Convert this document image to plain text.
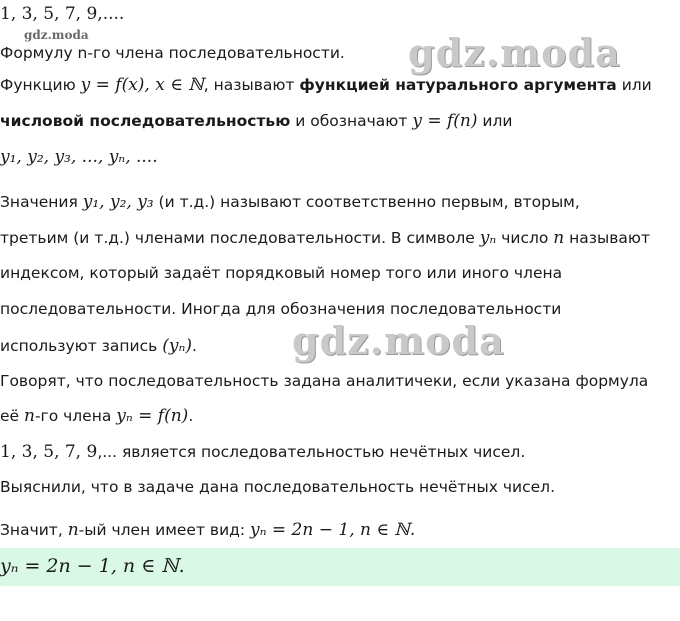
1, 3, 5, 7, 9,....
gdz.moda
Формулу n-го члена последовательности. gdz.moda
Функцию y = f(x), x ∈ ℕ, называют функцией натурального аргумента или
числовой последовательностью и обозначают y = f(n) или
y₁, y₂, y₃, ..., yₙ, ....
Значения y₁, y₂, y₃ (и т.д.) называют соответственно первым, вторым,
третьим (и т.д.) членами последовательности. В символе yₙ число n называют
индексом, который задаёт порядковый номер того или иного члена
последовательности. Иногда для обозначения последовательности
используют запись (yₙ).	gdz.moda
Говорят, что последовательность задана аналитичеки, если указана формула
её n-го члена yₙ = f(n).
1, 3, 5, 7, 9,... является последовательностью нечётных чисел.
Выяснили, что в задаче дана последовательность нечётных чисел.
Значит, n-ый член имеет вид: yₙ = 2n − 1, n ∈ ℕ.
yₙ = 2n − 1, n ∈ ℕ.
